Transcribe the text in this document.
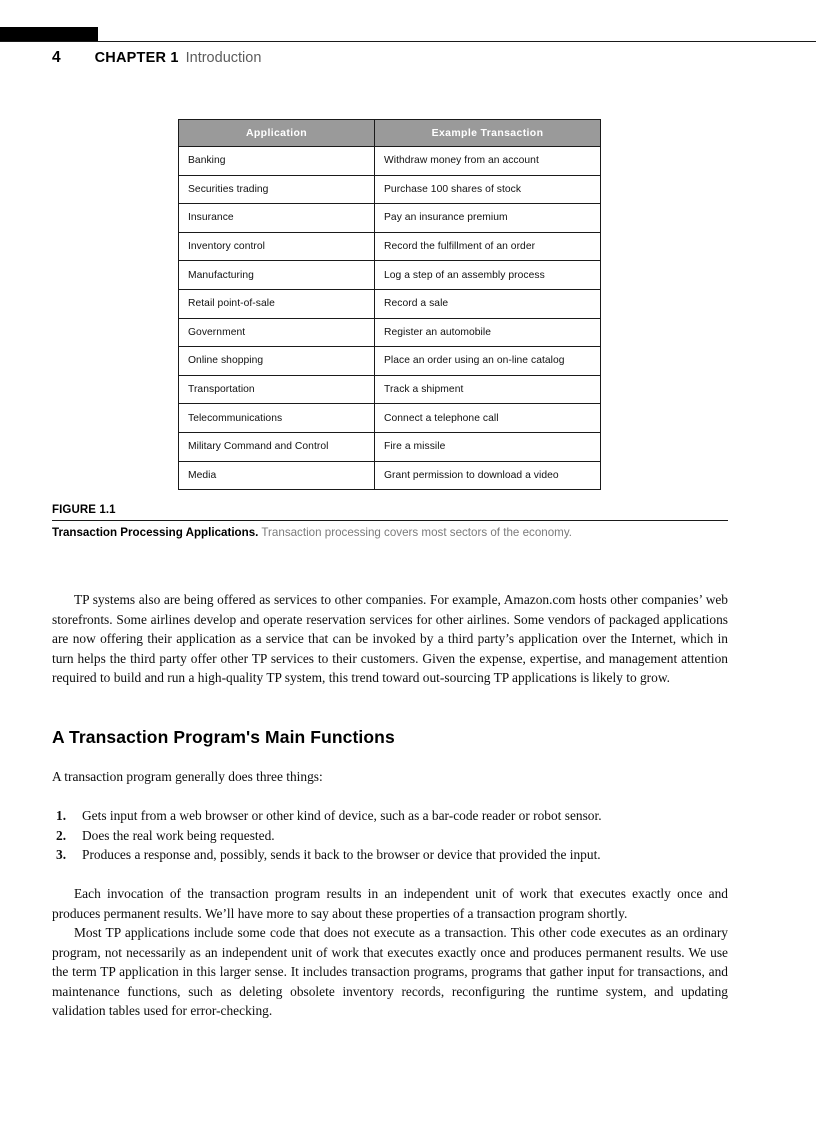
4 CHAPTER 1 Introduction
Application	Example Transaction
Banking	Withdraw money from an account
Securities trading	Purchase 100 shares of stock
Insurance	Pay an insurance premium
Inventory control	Record the fulfillment of an order
Manufacturing	Log a step of an assembly process
Retail point-of-sale	Record a sale
Government	Register an automobile
Online shopping	Place an order using an on-line catalog
Transportation	Track a shipment
Telecommunications	Connect a telephone call
Military Command and Control	Fire a missile
Media	Grant permission to download a video
FIGURE 1.1
Transaction Processing Applications. Transaction processing covers most sectors of the economy.

TP systems also are being offered as services to other companies. For example, Amazon.com hosts other companies’ web storefronts. Some airlines develop and operate reservation services for other airlines. Some vendors of packaged applications are now offering their application as a service that can be invoked by a third party’s application over the Internet, which in turn helps the third party offer other TP services to their customers. Given the expense, expertise, and management attention required to build and run a high-quality TP system, this trend toward out-sourcing TP applications is likely to grow.

A Transaction Program's Main Functions

A transaction program generally does three things:

1. Gets input from a web browser or other kind of device, such as a bar-code reader or robot sensor.
2. Does the real work being requested.
3. Produces a response and, possibly, sends it back to the browser or device that provided the input.

Each invocation of the transaction program results in an independent unit of work that executes exactly once and produces permanent results. We’ll have more to say about these properties of a transaction program shortly.

Most TP applications include some code that does not execute as a transaction. This other code executes as an ordinary program, not necessarily as an independent unit of work that executes exactly once and produces permanent results. We use the term TP application in this larger sense. It includes transaction programs, programs that gather input for transactions, and maintenance functions, such as deleting obsolete inventory records, reconfiguring the runtime system, and updating validation tables used for error-checking.
